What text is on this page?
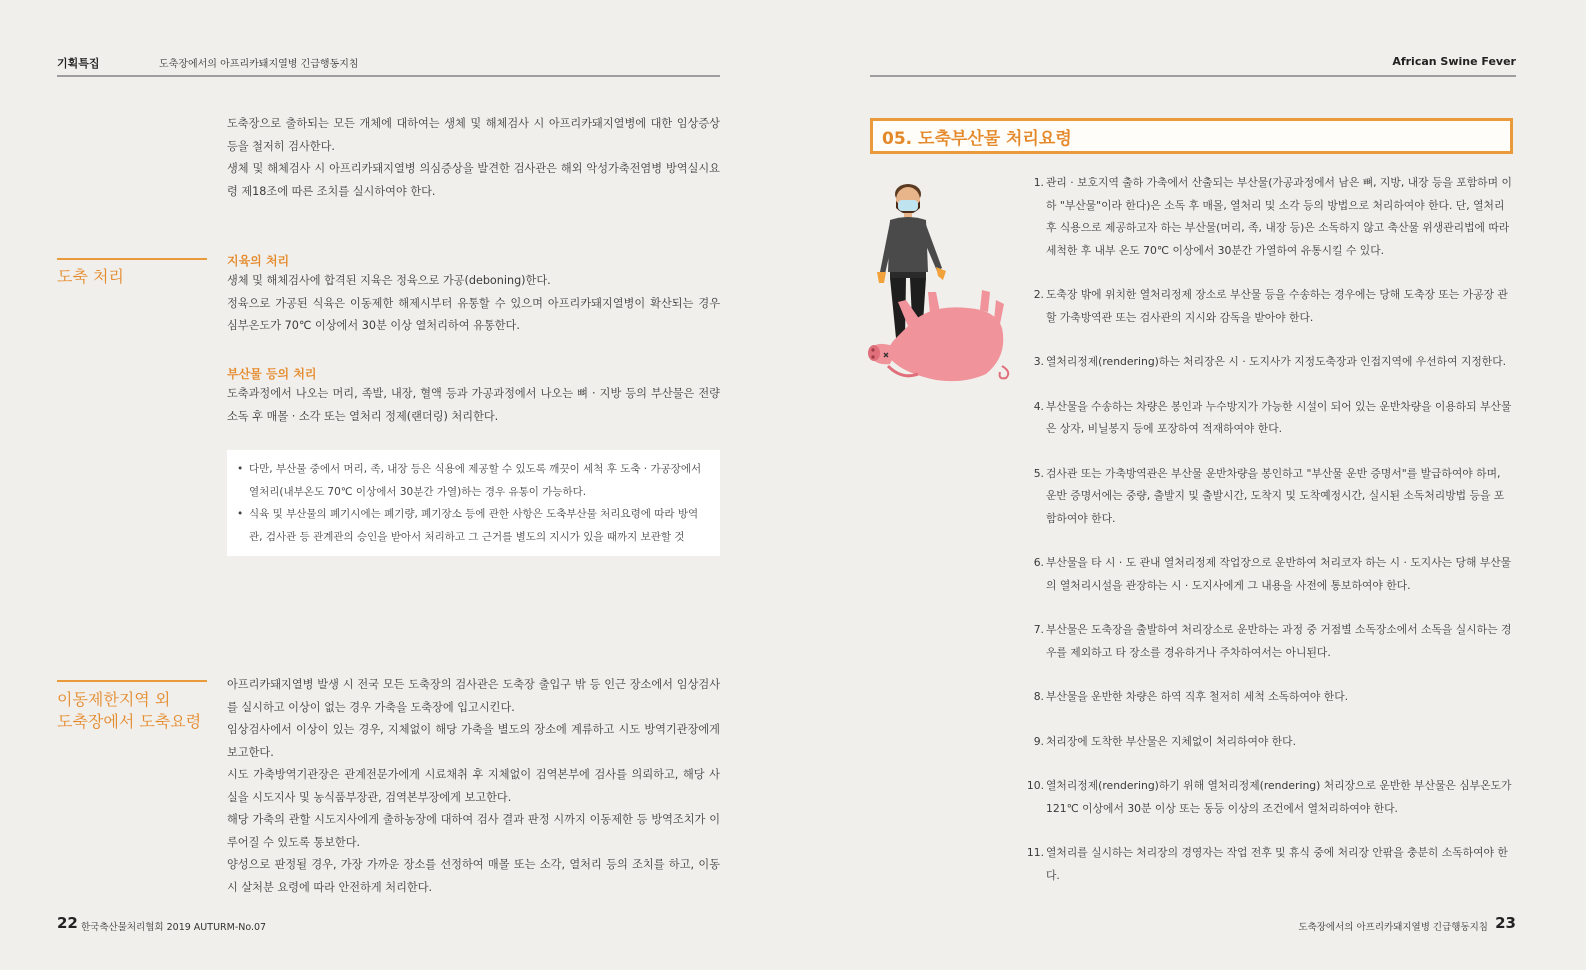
기획특집	도축장에서의 아프리카돼지열병 긴급행동지침	African Swine Fever
도축장으로 출하되는 모든 개체에 대하여는 생체 및 해체검사 시 아프리카돼지열병에 대한 임상증상 등을 철저히 검사한다.
생체 및 해체검사 시 아프리카돼지열병 의심증상을 발견한 검사관은 해외 악성가축전염병 방역실시요령 제18조에 따른 조치를 실시하여야 한다.
도축 처리
지육의 처리
생체 및 해체검사에 합격된 지육은 정육으로 가공(deboning)한다.
정육으로 가공된 식육은 이동제한 해제시부터 유통할 수 있으며 아프리카돼지열병이 확산되는 경우 심부온도가 70℃ 이상에서 30분 이상 열처리하여 유통한다.
부산물 등의 처리
도축과정에서 나오는 머리, 족발, 내장, 혈액 등과 가공과정에서 나오는 뼈 · 지방 등의 부산물은 전량 소독 후 매몰 · 소각 또는 열처리 정제(랜더링) 처리한다.
• 다만, 부산물 중에서 머리, 족, 내장 등은 식용에 제공할 수 있도록 깨끗이 세척 후 도축 · 가공장에서 열처리(내부온도 70℃ 이상에서 30분간 가열)하는 경우 유통이 가능하다.
• 식육 및 부산물의 폐기시에는 폐기량, 폐기장소 등에 관한 사항은 도축부산물 처리요령에 따라 방역관, 검사관 등 관계관의 승인을 받아서 처리하고 그 근거를 별도의 지시가 있을 때까지 보관할 것
이동제한지역 외
도축장에서 도축요령
아프리카돼지열병 발생 시 전국 모든 도축장의 검사관은 도축장 출입구 밖 등 인근 장소에서 임상검사를 실시하고 이상이 없는 경우 가축을 도축장에 입고시킨다.
임상검사에서 이상이 있는 경우, 지체없이 해당 가축을 별도의 장소에 계류하고 시도 방역기관장에게 보고한다.
시도 가축방역기관장은 관계전문가에게 시료채취 후 지체없이 검역본부에 검사를 의뢰하고, 해당 사실을 시도지사 및 농식품부장관, 검역본부장에게 보고한다.
해당 가축의 관할 시도지사에게 출하농장에 대하여 검사 결과 판정 시까지 이동제한 등 방역조치가 이루어질 수 있도록 통보한다.
양성으로 판정될 경우, 가장 가까운 장소를 선정하여 매몰 또는 소각, 열처리 등의 조치를 하고, 이동 시 살처분 요령에 따라 안전하게 처리한다.
22 한국축산물처리협회 2019 AUTURM-No.07
05. 도축부산물 처리요령
1. 관리 · 보호지역 출하 가축에서 산출되는 부산물(가공과정에서 남은 뼈, 지방, 내장 등을 포함하며 이하 "부산물"이라 한다)은 소독 후 매몰, 열처리 및 소각 등의 방법으로 처리하여야 한다. 단, 열처리 후 식용으로 제공하고자 하는 부산물(머리, 족, 내장 등)은 소독하지 않고 축산물 위생관리법에 따라 세척한 후 내부 온도 70℃ 이상에서 30분간 가열하여 유통시킬 수 있다.
2. 도축장 밖에 위치한 열처리정제 장소로 부산물 등을 수송하는 경우에는 당해 도축장 또는 가공장 관할 가축방역관 또는 검사관의 지시와 감독을 받아야 한다.
3. 열처리정제(rendering)하는 처리장은 시 · 도지사가 지정도축장과 인접지역에 우선하여 지정한다.
4. 부산물을 수송하는 차량은 봉인과 누수방지가 가능한 시설이 되어 있는 운반차량을 이용하되 부산물은 상자, 비닐봉지 등에 포장하여 적재하여야 한다.
5. 검사관 또는 가축방역관은 부산물 운반차량을 봉인하고 "부산물 운반 증명서"를 발급하여야 하며, 운반 증명서에는 중량, 출발지 및 출발시간, 도착지 및 도착예정시간, 실시된 소독처리방법 등을 포함하여야 한다.
6. 부산물을 타 시 · 도 관내 열처리정제 작업장으로 운반하여 처리코자 하는 시 · 도지사는 당해 부산물의 열처리시설을 관장하는 시 · 도지사에게 그 내용을 사전에 통보하여야 한다.
7. 부산물은 도축장을 출발하여 처리장소로 운반하는 과정 중 거점별 소독장소에서 소독을 실시하는 경우를 제외하고 타 장소를 경유하거나 주차하여서는 아니된다.
8. 부산물을 운반한 차량은 하역 직후 철저히 세척 소독하여야 한다.
9. 처리장에 도착한 부산물은 지체없이 처리하여야 한다.
10. 열처리정제(rendering)하기 위해 열처리정제(rendering) 처리장으로 운반한 부산물은 심부온도가 121℃ 이상에서 30분 이상 또는 동등 이상의 조건에서 열처리하여야 한다.
11. 열처리를 실시하는 처리장의 경영자는 작업 전후 및 휴식 중에 처리장 안팎을 충분히 소독하여야 한다.
도축장에서의 아프리카돼지열병 긴급행동지침 23
